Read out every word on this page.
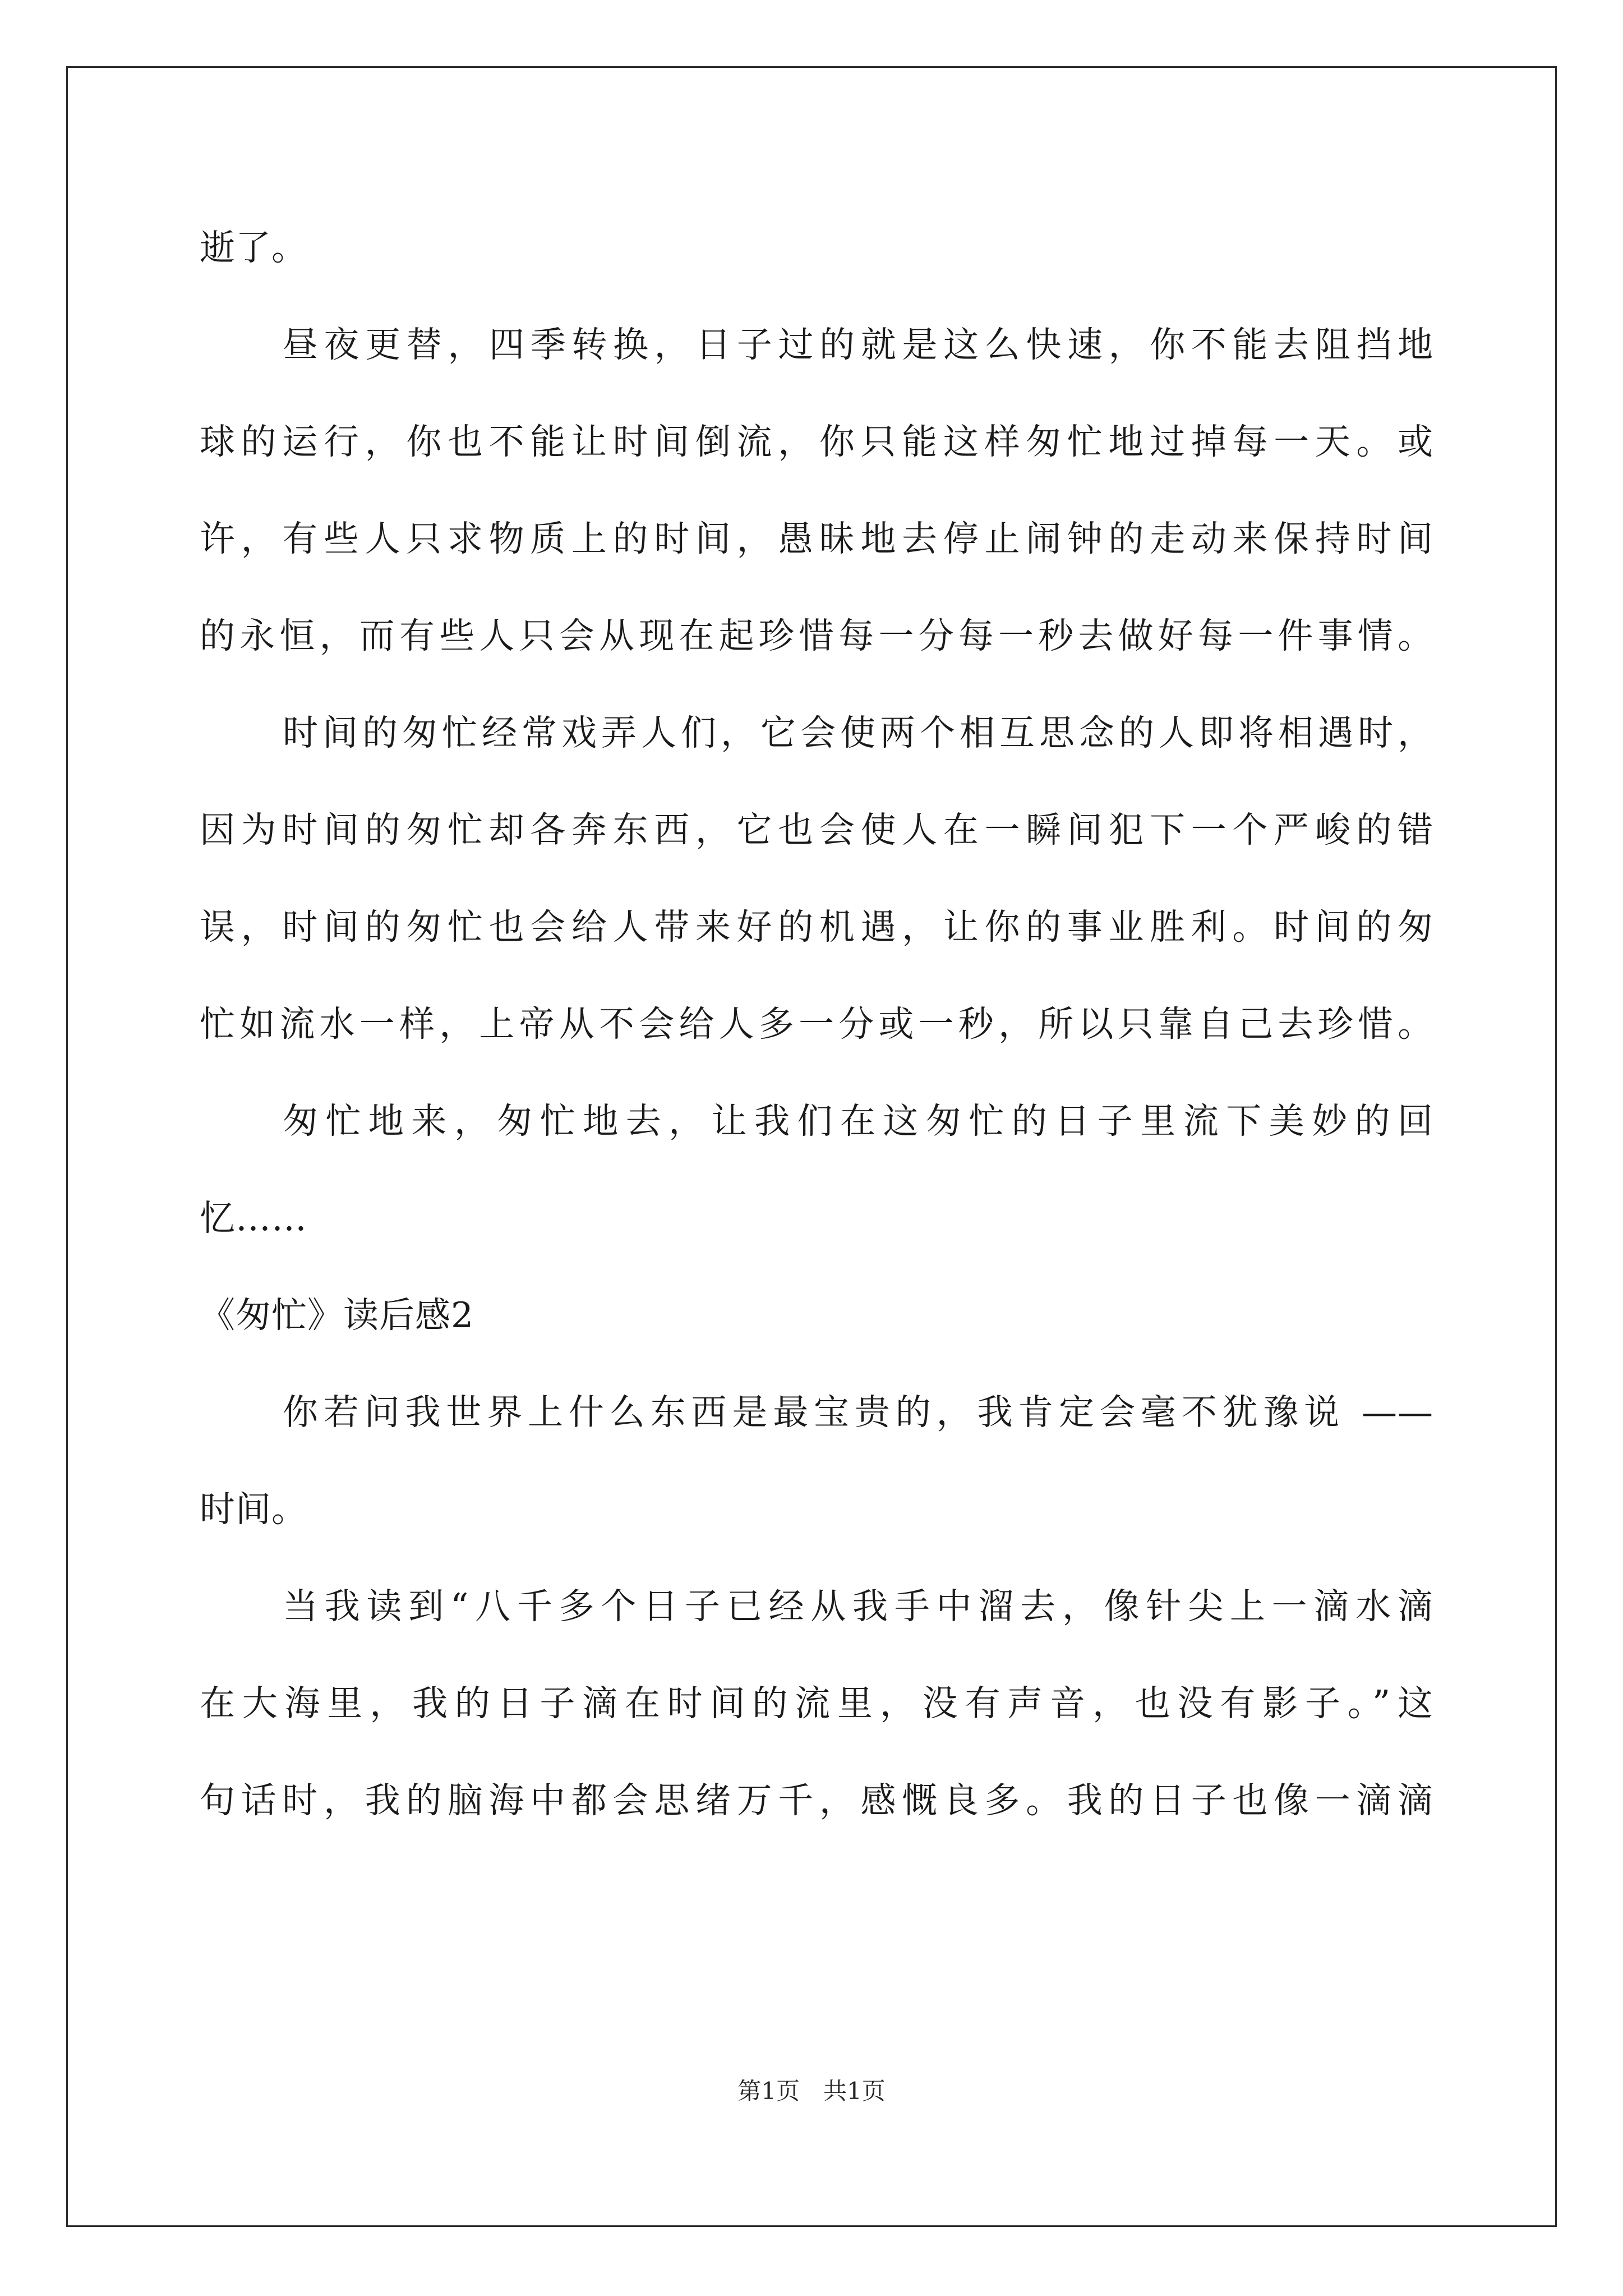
逝了。
昼夜更替，四季转换，日子过的就是这么快速，你不能去阻挡地
球的运行，你也不能让时间倒流，你只能这样匆忙地过掉每一天。或
许，有些人只求物质上的时间，愚昧地去停止闹钟的走动来保持时间
的永恒，而有些人只会从现在起珍惜每一分每一秒去做好每一件事情。
时间的匆忙经常戏弄人们，它会使两个相互思念的人即将相遇时，
因为时间的匆忙却各奔东西，它也会使人在一瞬间犯下一个严峻的错
误，时间的匆忙也会给人带来好的机遇，让你的事业胜利。时间的匆
忙如流水一样，上帝从不会给人多一分或一秒，所以只靠自己去珍惜。
匆忙地来，匆忙地去，让我们在这匆忙的日子里流下美妙的回
忆……
《匆忙》读后感2
你若问我世界上什么东西是最宝贵的，我肯定会毫不犹豫说 ——
时间。
当我读到“八千多个日子已经从我手中溜去，像针尖上一滴水滴
在大海里，我的日子滴在时间的流里，没有声音，也没有影子。”这
句话时，我的脑海中都会思绪万千，感慨良多。我的日子也像一滴滴
第1页　共1页
